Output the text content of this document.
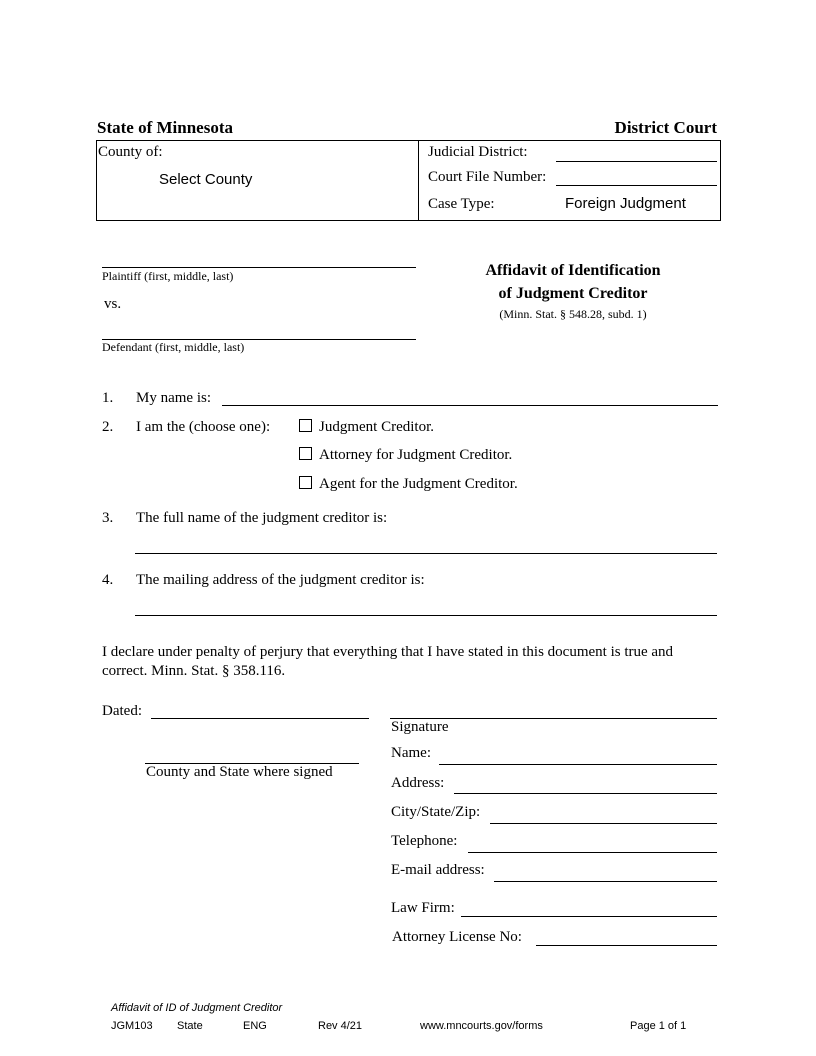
State of Minnesota	District Court
County of:
Select County
Judicial District:
Court File Number:
Case Type:	Foreign Judgment
Plaintiff (first, middle, last)
vs.
Defendant (first, middle, last)
Affidavit of Identification
of Judgment Creditor
(Minn. Stat. § 548.28, subd. 1)
1. My name is:
2. I am the (choose one):	Judgment Creditor.
Attorney for Judgment Creditor.
Agent for the Judgment Creditor.
3. The full name of the judgment creditor is:
4. The mailing address of the judgment creditor is:
I declare under penalty of perjury that everything that I have stated in this document is true and
correct. Minn. Stat. § 358.116.
Dated:
County and State where signed
Signature
Name:
Address:
City/State/Zip:
Telephone:
E-mail address:
Law Firm:
Attorney License No:
Affidavit of ID of Judgment Creditor
JGM103 State	ENG	Rev 4/21	www.mncourts.gov/forms	Page 1 of 1
